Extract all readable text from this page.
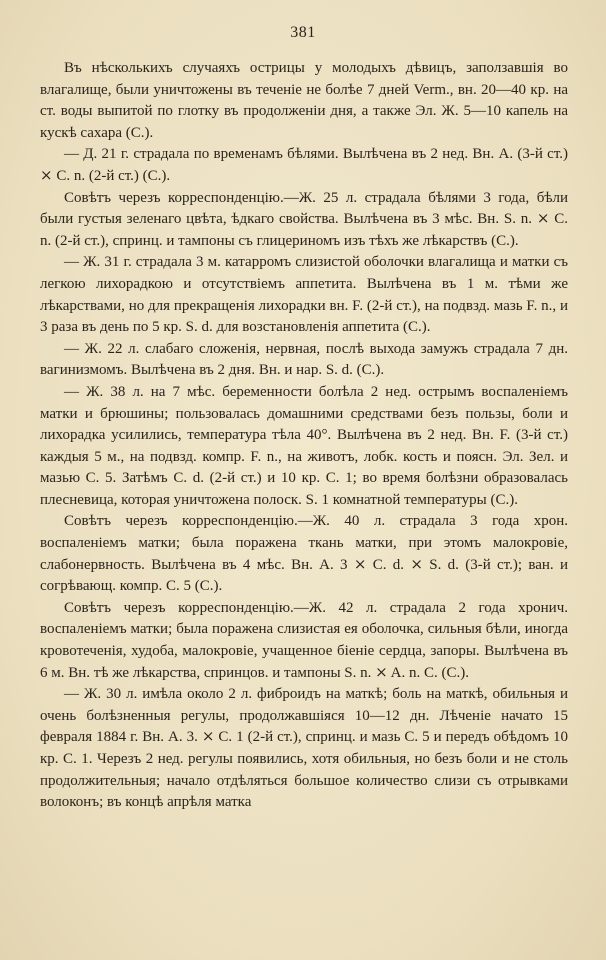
381

Въ нѣсколькихъ случаяхъ острицы у молодыхъ дѣвицъ, заползавшія во влагалище, были уничтожены въ теченіе не болѣе 7 дней Verm., вн. 20—40 кр. на ст. воды выпитой по глотку въ продолженіи дня, а также Эл. Ж. 5—10 капель на кускѣ сахара (С.).

— Д. 21 г. страдала по временамъ бѣлями. Вылѣчена въ 2 нед. Вн. A. (3-й ст.) ⨯ C. n. (2-й ст.) (С.).

Совѣтъ черезъ корреспонденцію.—Ж. 25 л. страдала бѣлями 3 года, бѣли были густыя зеленаго цвѣта, ѣдкаго свойства. Вылѣчена въ 3 мѣс. Вн. S. n. ⨯ C. n. (2-й ст.), спринц. и тампоны съ глицериномъ изъ тѣхъ же лѣкарствъ (С.).

— Ж. 31 г. страдала 3 м. катарромъ слизистой оболочки влагалища и матки съ легкою лихорадкою и отсутствіемъ аппетита. Вылѣчена въ 1 м. тѣми же лѣкарствами, но для прекращенія лихорадки вн. F. (2-й ст.), на подвзд. мазь F. n., и 3 раза въ день по 5 кр. S. d. для возстановленія аппетита (С.).

— Ж. 22 л. слабаго сложенія, нервная, послѣ выхода замужъ страдала 7 дн. вагинизмомъ. Вылѣчена въ 2 дня. Вн. и нар. S. d. (С.).

— Ж. 38 л. на 7 мѣс. беременности болѣла 2 нед. острымъ воспаленіемъ матки и брюшины; пользовалась домашними средствами безъ пользы, боли и лихорадка усилились, температура тѣла 40°. Вылѣчена въ 2 нед. Вн. F. (3-й ст.) каждыя 5 м., на подвзд. компр. F. n., на животъ, лобк. кость и поясн. Эл. Зел. и мазью C. 5. Затѣмъ C. d. (2-й ст.) и 10 кр. C. 1; во время болѣзни образовалась плесневица, которая уничтожена полоск. S. 1 комнатной температуры (С.).

Совѣтъ черезъ корреспонденцію.—Ж. 40 л. страдала 3 года хрон. воспаленіемъ матки; была поражена ткань матки, при этомъ малокровіе, слабонервность. Вылѣчена въ 4 мѣс. Вн. A. 3 ⨯ C. d. ⨯ S. d. (3-й ст.); ван. и согрѣвающ. компр. C. 5 (С.).

Совѣтъ черезъ корреспонденцію.—Ж. 42 л. страдала 2 года хронич. воспаленіемъ матки; была поражена слизистая ея оболочка, сильныя бѣли, иногда кровотеченія, худоба, малокровіе, учащенное біеніе сердца, запоры. Вылѣчена въ 6 м. Вн. тѣ же лѣкарства, спринцов. и тампоны S. n. ⨯ A. n. C. (С.).

— Ж. 30 л. имѣла около 2 л. фиброидъ на маткѣ; боль на маткѣ, обильныя и очень болѣзненныя регулы, продолжавшіяся 10—12 дн. Лѣченіе начато 15 февраля 1884 г. Вн. A. 3. ⨯ C. 1 (2-й ст.), спринц. и мазь C. 5 и передъ обѣдомъ 10 кр. C. 1. Черезъ 2 нед. регулы появились, хотя обильныя, но безъ боли и не столь продолжительныя; начало отдѣляться большое количество слизи съ отрывками волоконъ; въ концѣ апрѣля матка
